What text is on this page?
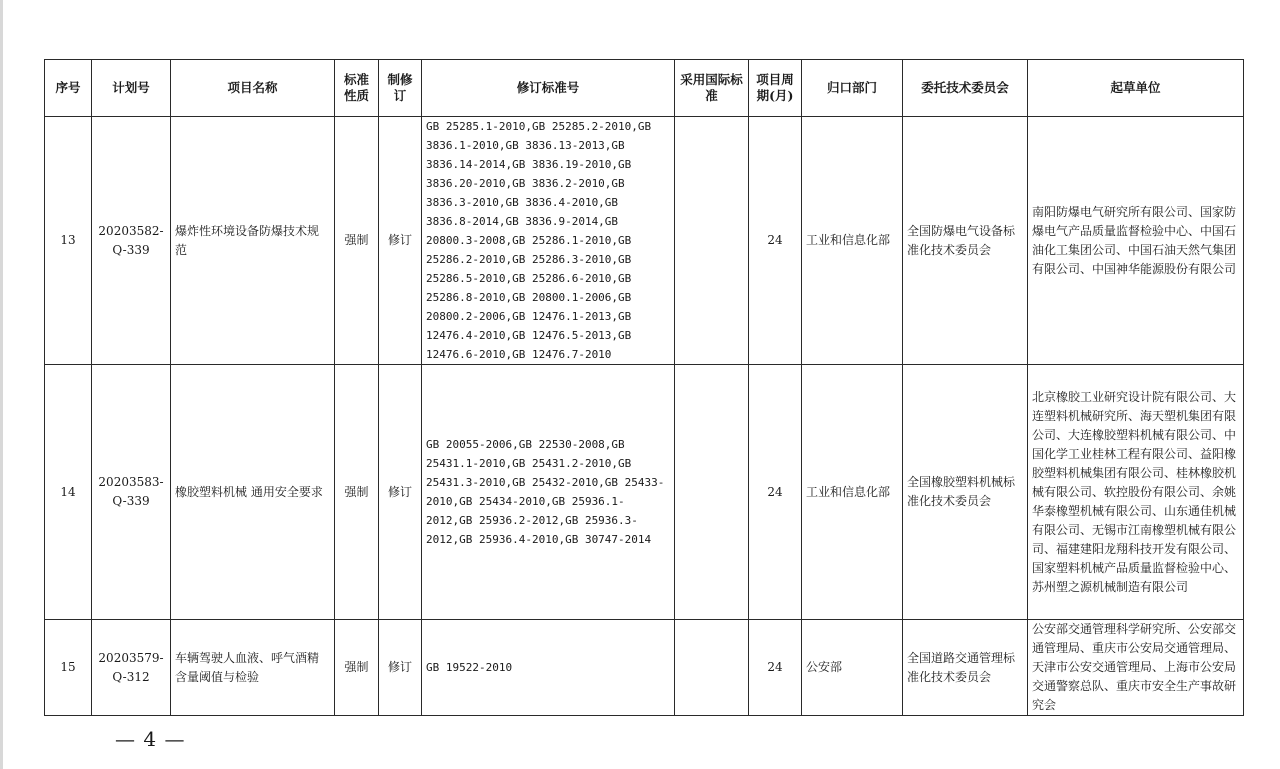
序号	计划号	项目名称	标准性质	制修订	修订标准号	采用国际标准	项目周期(月)	归口部门	委托技术委员会	起草单位
13	20203582-Q-339	爆炸性环境设备防爆技术规范	强制	修订	GB 25285.1-2010,GB 25285.2-2010,GB 3836.1-2010,GB 3836.13-2013,GB 3836.14-2014,GB 3836.19-2010,GB 3836.20-2010,GB 3836.2-2010,GB 3836.3-2010,GB 3836.4-2010,GB 3836.8-2014,GB 3836.9-2014,GB 20800.3-2008,GB 25286.1-2010,GB 25286.2-2010,GB 25286.3-2010,GB 25286.5-2010,GB 25286.6-2010,GB 25286.8-2010,GB 20800.1-2006,GB 20800.2-2006,GB 12476.1-2013,GB 12476.4-2010,GB 12476.5-2013,GB 12476.6-2010,GB 12476.7-2010		24	工业和信息化部	全国防爆电气设备标准化技术委员会	南阳防爆电气研究所有限公司、国家防爆电气产品质量监督检验中心、中国石油化工集团公司、中国石油天然气集团有限公司、中国神华能源股份有限公司
14	20203583-Q-339	橡胶塑料机械 通用安全要求	强制	修订	GB 20055-2006,GB 22530-2008,GB 25431.1-2010,GB 25431.2-2010,GB 25431.3-2010,GB 25432-2010,GB 25433-2010,GB 25434-2010,GB 25936.1-2012,GB 25936.2-2012,GB 25936.3-2012,GB 25936.4-2010,GB 30747-2014		24	工业和信息化部	全国橡胶塑料机械标准化技术委员会	北京橡胶工业研究设计院有限公司、大连塑料机械研究所、海天塑机集团有限公司、大连橡胶塑料机械有限公司、中国化学工业桂林工程有限公司、益阳橡胶塑料机械集团有限公司、桂林橡胶机械有限公司、软控股份有限公司、余姚华泰橡塑机械有限公司、山东通佳机械有限公司、无锡市江南橡塑机械有限公司、福建建阳龙翔科技开发有限公司、国家塑料机械产品质量监督检验中心、苏州塑之源机械制造有限公司
15	20203579-Q-312	车辆驾驶人血液、呼气酒精含量阈值与检验	强制	修订	GB 19522-2010		24	公安部	全国道路交通管理标准化技术委员会	公安部交通管理科学研究所、公安部交通管理局、重庆市公安局交通管理局、天津市公安交通管理局、上海市公安局交通警察总队、重庆市安全生产事故研究会
— 4 —
